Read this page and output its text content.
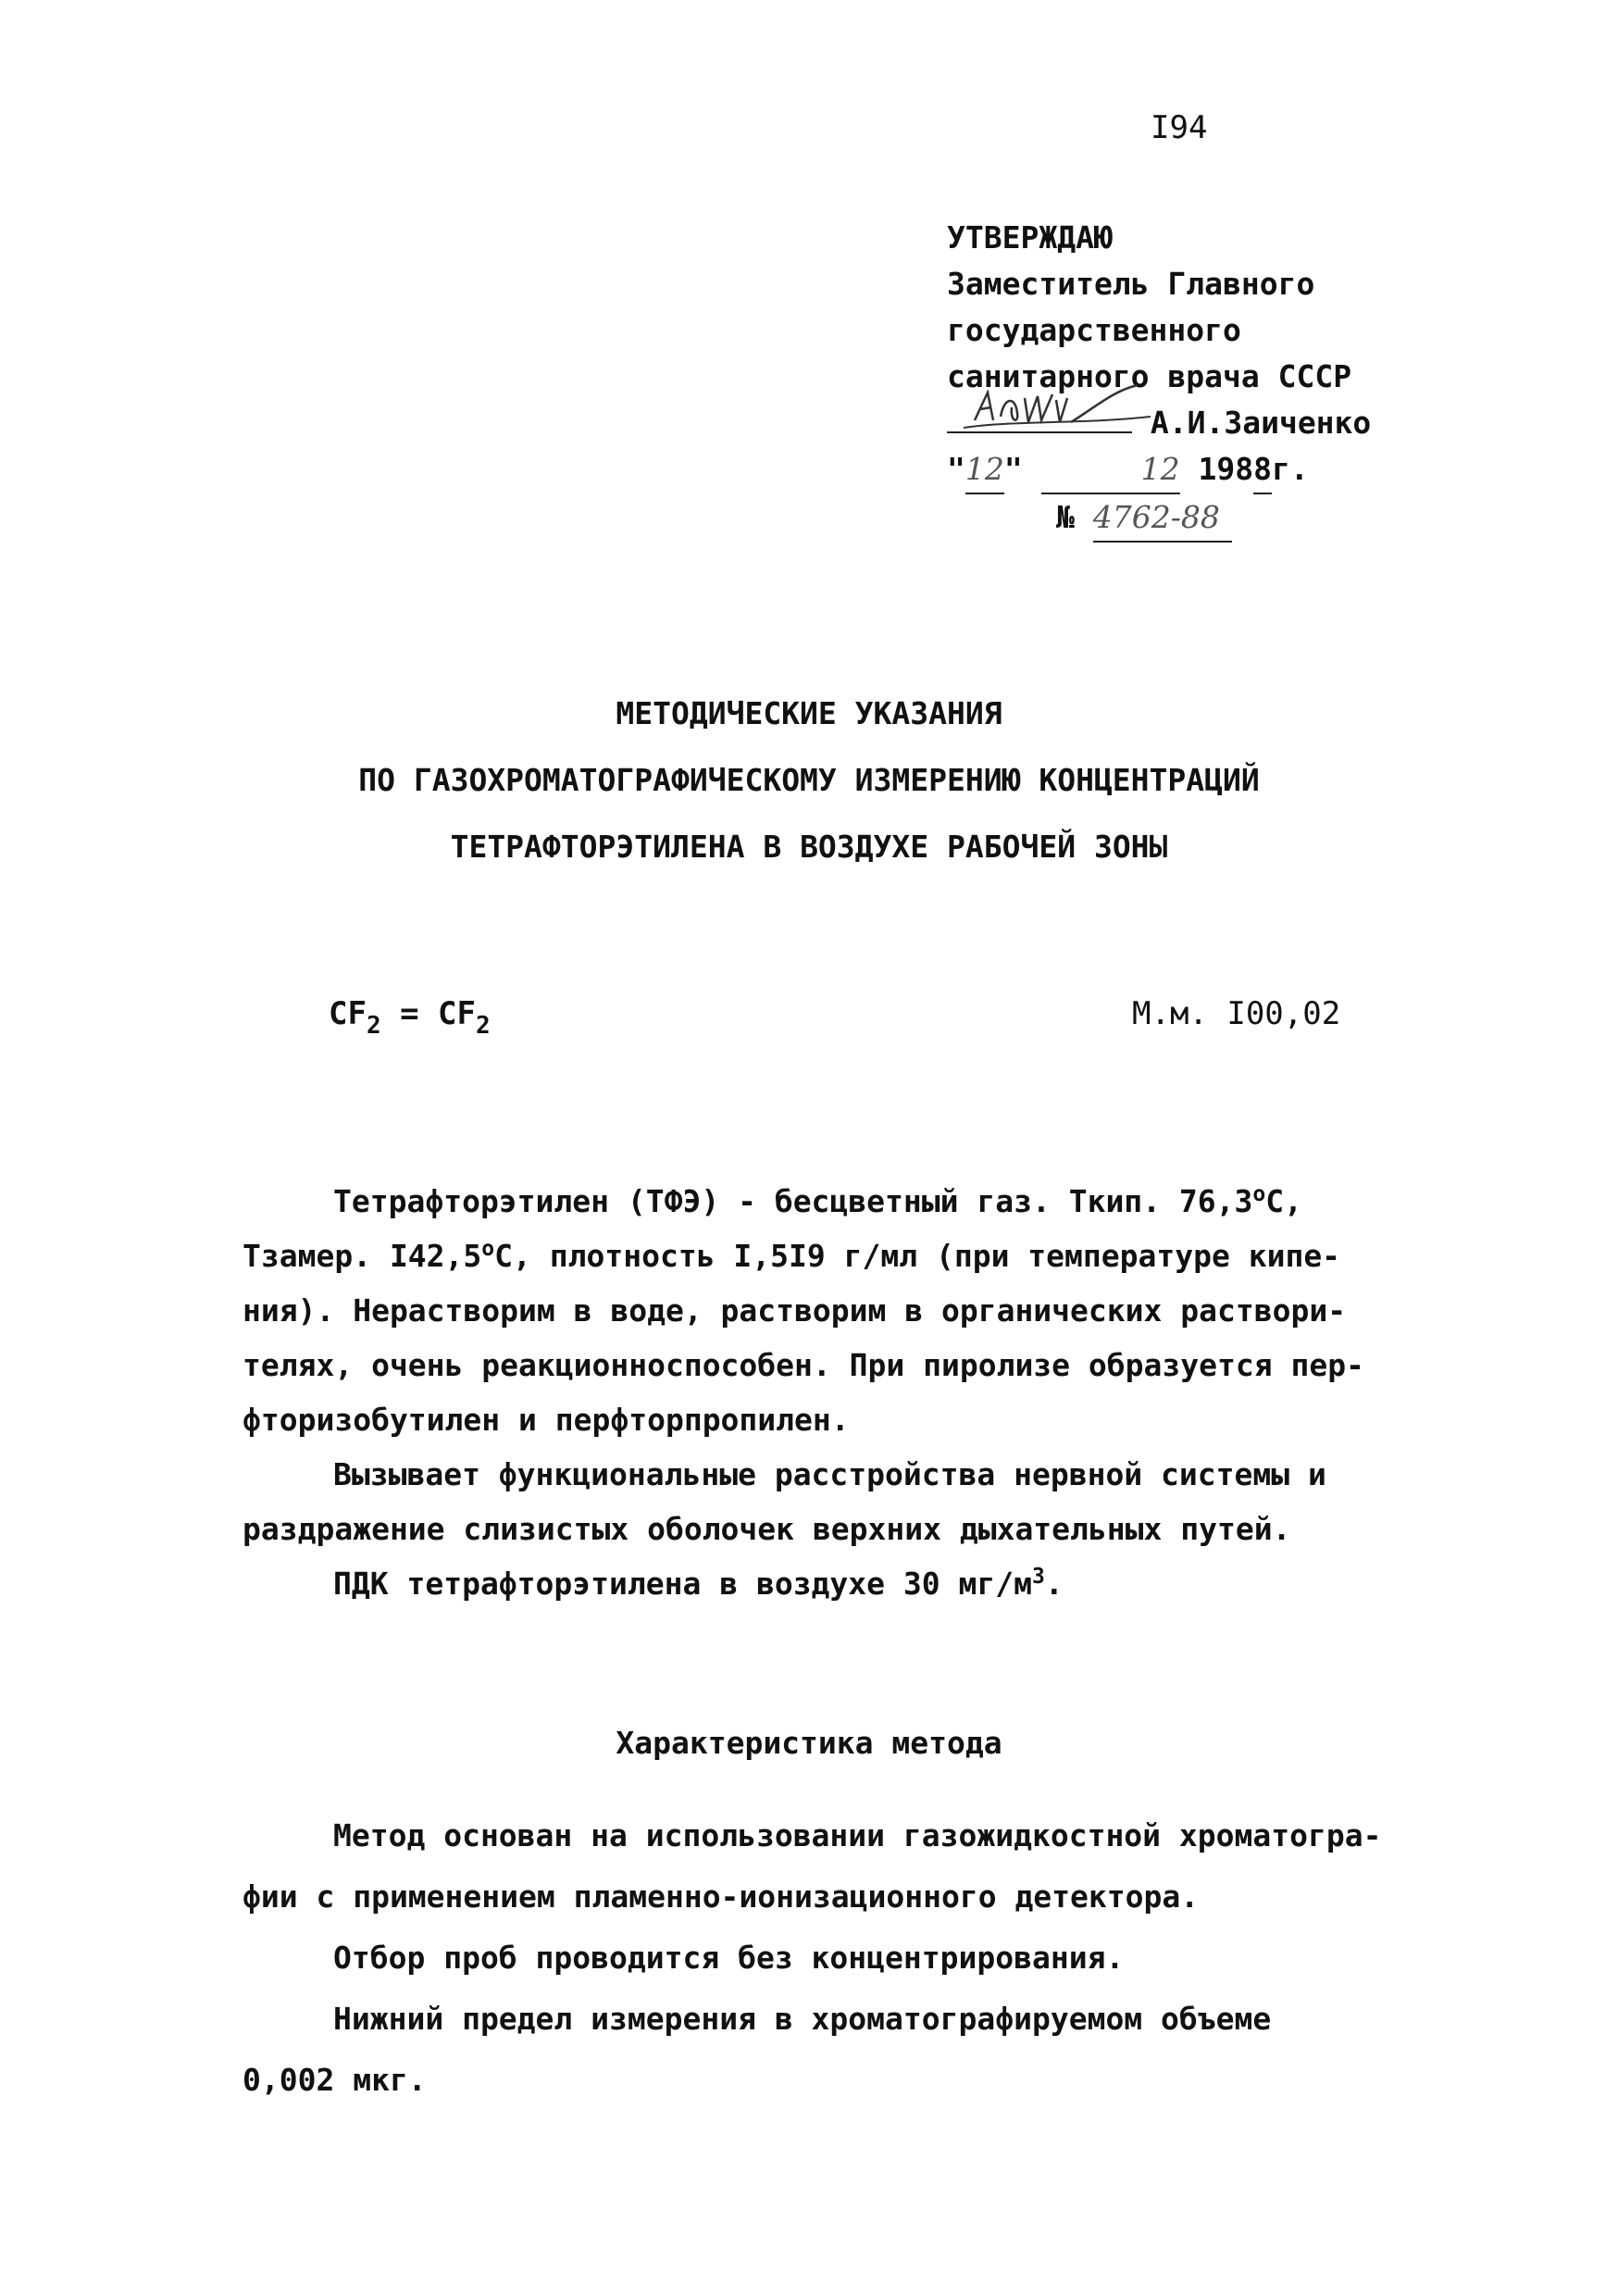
I94
УТВЕРЖДАЮ
Заместитель Главного
государственного
санитарного врача СССР

А.И.Заиченко
"12"	12 1988г.
№ 4762-88
МЕТОДИЧЕСКИЕ УКАЗАНИЯ
ПО ГАЗОХРОМАТОГРАФИЧЕСКОМУ ИЗМЕРЕНИЮ КОНЦЕНТРАЦИЙ
ТЕТРАФТОРЭТИЛЕНА В ВОЗДУХЕ РАБОЧЕЙ ЗОНЫ
$CF_2 = CF_2$	М.м. I00,02
Тетрафторэтилен (ТФЭ) - бесцветный газ. Ткип. 76,3$^o$C,
Тзамер. I42,5$^o$C, плотность I,5I9 г/мл (при температуре кипе-
ния). Нерастворим в воде, растворим в органических раствори-
телях, очень реакционноспособен. При пиролизе образуется пер-
фторизобутилен и перфторпропилен.
Вызывает функциональные расстройства нервной системы и
раздражение слизистых оболочек верхних дыхательных путей.
ПДК тетрафторэтилена в воздухе 30 $мг/м^3$.
Характеристика метода
Метод основан на использовании газожидкостной хроматогра-
фии с применением пламенно-ионизационного детектора.
Отбор проб проводится без концентрирования.
Нижний предел измерения в хроматографируемом объеме
0,002 мкг.
